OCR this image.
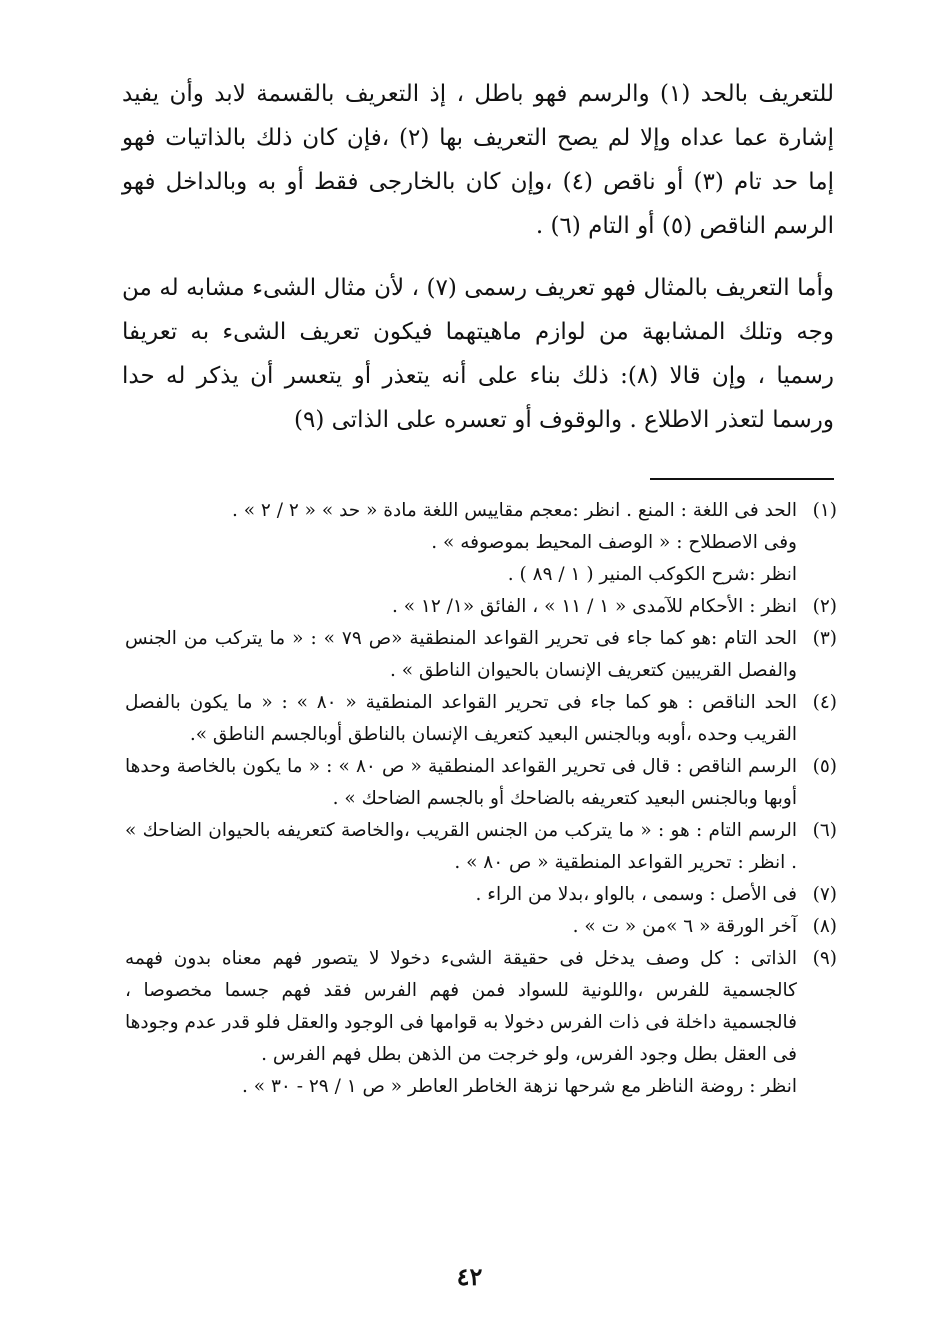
للتعريف بالحد (١) والرسم فهو باطل ، إذ التعريف بالقسمة لابد وأن يفيد إشارة عما عداه وإلا لم يصح التعريف بها (٢) ،فإن كان ذلك بالذاتيات فهو إما حد تام (٣) أو ناقص (٤) ،وإن كان بالخارجى فقط أو به وبالداخل فهو الرسم الناقص (٥) أو التام (٦) .

وأما التعريف بالمثال فهو تعريف رسمى (٧) ، لأن مثال الشىء مشابه له من وجه وتلك المشابهة من لوازم ماهيتهما فيكون تعريف الشىء به تعريفا رسميا ، وإن قالا (٨): ذلك بناء على أنه يتعذر أو يتعسر أن يذكر له حدا ورسما لتعذر الاطلاع . والوقوف أو تعسره على الذاتى (٩)

(١)
الحد فى اللغة : المنع . انظر :معجم مقاييس اللغة مادة « حد » « ٢ / ٢ » .
وفى الاصطلاح : « الوصف المحيط بموصوفه » .
انظر :شرح الكوكب المنير ( ١ / ٨٩ ) .
(٢)
انظر : الأحكام للآمدى « ١ / ١١ » ، الفائق «١/ ١٢ » .
(٣)
الحد التام :هو كما جاء فى تحرير القواعد المنطقية «ص ٧٩ » : « ما يتركب من الجنس والفصل القريبين كتعريف الإنسان بالحيوان الناطق » .
(٤)
الحد الناقص : هو كما جاء فى تحرير القواعد المنطقية « ٨٠ » : « ما يكون بالفصل القريب وحده ،أوبه وبالجنس البعيد كتعريف الإنسان بالناطق أوبالجسم الناطق ».
(٥)
الرسم الناقص : قال فى تحرير القواعد المنطقية « ص ٨٠ » : « ما يكون بالخاصة وحدها أوبها وبالجنس البعيد كتعريفه بالضاحك أو بالجسم الضاحك » .
(٦)
الرسم التام : هو : « ما يتركب من الجنس القريب ،والخاصة كتعريفه بالحيوان الضاحك » . انظر : تحرير القواعد المنطقية « ص ٨٠ » .
(٧)
فى الأصل : وسمى ، بالواو ،بدلا من الراء .
(٨)
آخر الورقة « ٦ »من « ت » .
(٩)
الذاتى : كل وصف يدخل فى حقيقة الشىء دخولا لا يتصور فهم معناه بدون فهمه كالجسمية للفرس ،واللونية للسواد فمن فهم الفرس فقد فهم جسما مخصوصا ، فالجسمية داخلة فى ذات الفرس دخولا به قوامها فى الوجود والعقل فلو قدر عدم وجودها فى العقل بطل وجود الفرس، ولو خرجت من الذهن بطل فهم الفرس .
انظر : روضة الناظر مع شرحها نزهة الخاطر العاطر « ص ١ / ٢٩ - ٣٠ » .
٤٢
